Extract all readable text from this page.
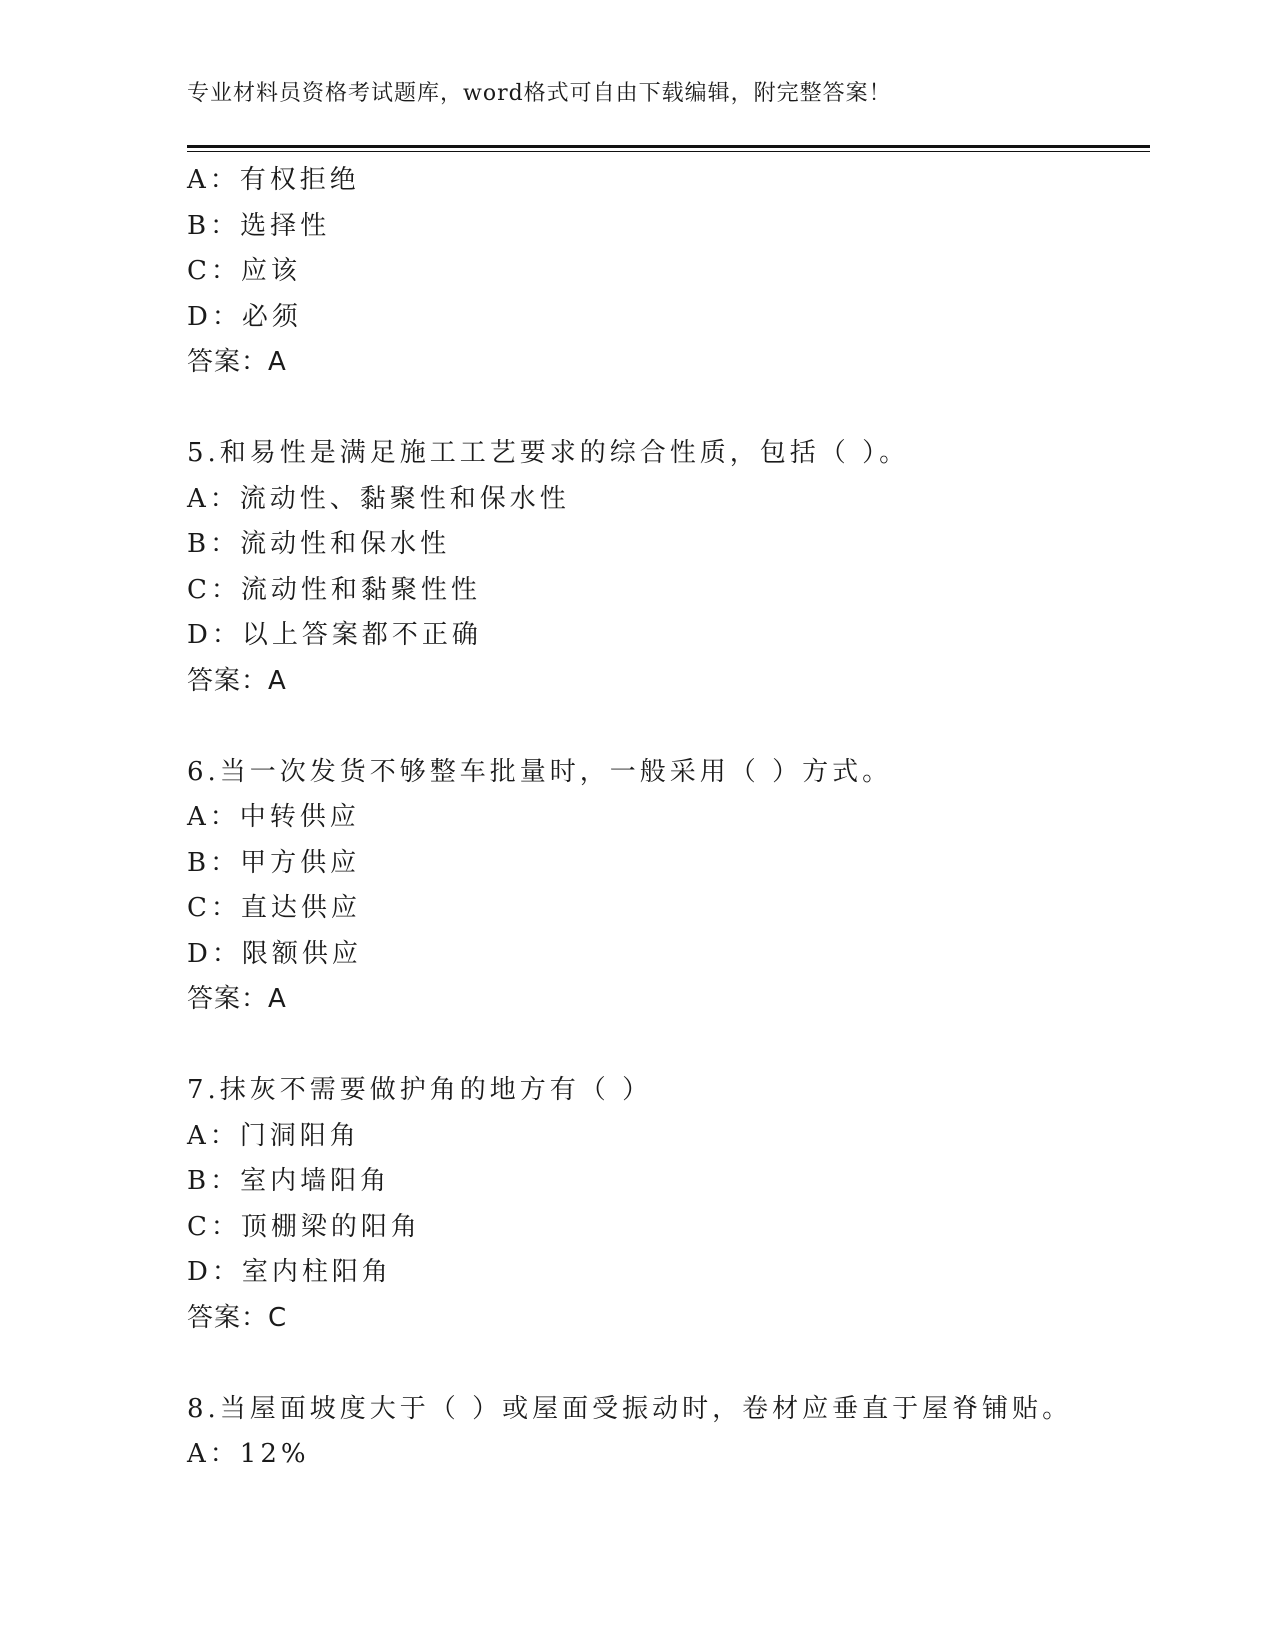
专业材料员资格考试题库，word格式可自由下载编辑，附完整答案！
A：有权拒绝
B：选择性
C：应该
D：必须
答案：A
5.和易性是满足施工工艺要求的综合性质，包括（ ）。
A：流动性、黏聚性和保水性
B：流动性和保水性
C：流动性和黏聚性性
D：以上答案都不正确
答案：A
6.当一次发货不够整车批量时，一般采用（ ）方式。
A：中转供应
B：甲方供应
C：直达供应
D：限额供应
答案：A
7.抹灰不需要做护角的地方有（ ）
A：门洞阳角
B：室内墙阳角
C：顶棚梁的阳角
D：室内柱阳角
答案：C
8.当屋面坡度大于（ ）或屋面受振动时，卷材应垂直于屋脊铺贴。
A：12%
